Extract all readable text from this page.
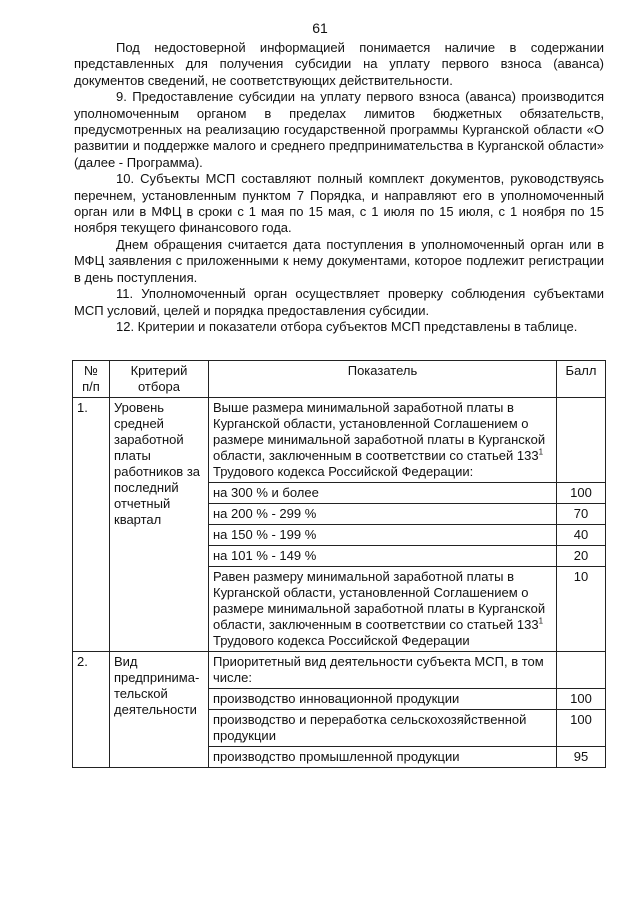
61

Под недостоверной информацией понимается наличие в содержании представленных для получения субсидии на уплату первого взноса (аванса) документов сведений, не соответствующих действительности.

9. Предоставление субсидии на уплату первого взноса (аванса) производится уполномоченным органом в пределах лимитов бюджетных обязательств, предусмотренных на реализацию государственной программы Курганской области «О развитии и поддержке малого и среднего предпринимательства в Курганской области» (далее - Программа).

10. Субъекты МСП составляют полный комплект документов, руководствуясь перечнем, установленным пунктом 7 Порядка, и направляют его в уполномоченный орган или в МФЦ в сроки с 1 мая по 15 мая, с 1 июля по 15 июля, с 1 ноября по 15 ноября текущего финансового года.

Днем обращения считается дата поступления в уполномоченный орган или в МФЦ заявления с приложенными к нему документами, которое подлежит регистрации в день поступления.

11. Уполномоченный орган осуществляет проверку соблюдения субъектами МСП условий, целей и порядка предоставления субсидии.

12. Критерии и показатели отбора субъектов МСП представлены в таблице.

№ п/п	Критерий отбора	Показатель	Балл
1.	Уровень средней заработной платы работников за последний отчетный квартал	Выше размера минимальной заработной платы в Курганской области, установленной Соглашением о размере минимальной заработной платы в Курганской области, заключенным в соответствии со статьей $133^1$ Трудового кодекса Российской Федерации:	
		на 300 % и более	100
		на 200 % - 299 %	70
		на 150 % - 199 %	40
		на 101 % - 149 %	20
		Равен размеру минимальной заработной платы в Курганской области, установленной Соглашением о размере минимальной заработной платы в Курганской области, заключенным в соответствии со статьей $133^1$ Трудового кодекса Российской Федерации	10
2.	Вид предпринима-тельской деятельности	Приоритетный вид деятельности субъекта МСП, в том числе:	
		производство инновационной продукции	100
		производство и переработка сельскохозяйственной продукции	100
		производство промышленной продукции	95
